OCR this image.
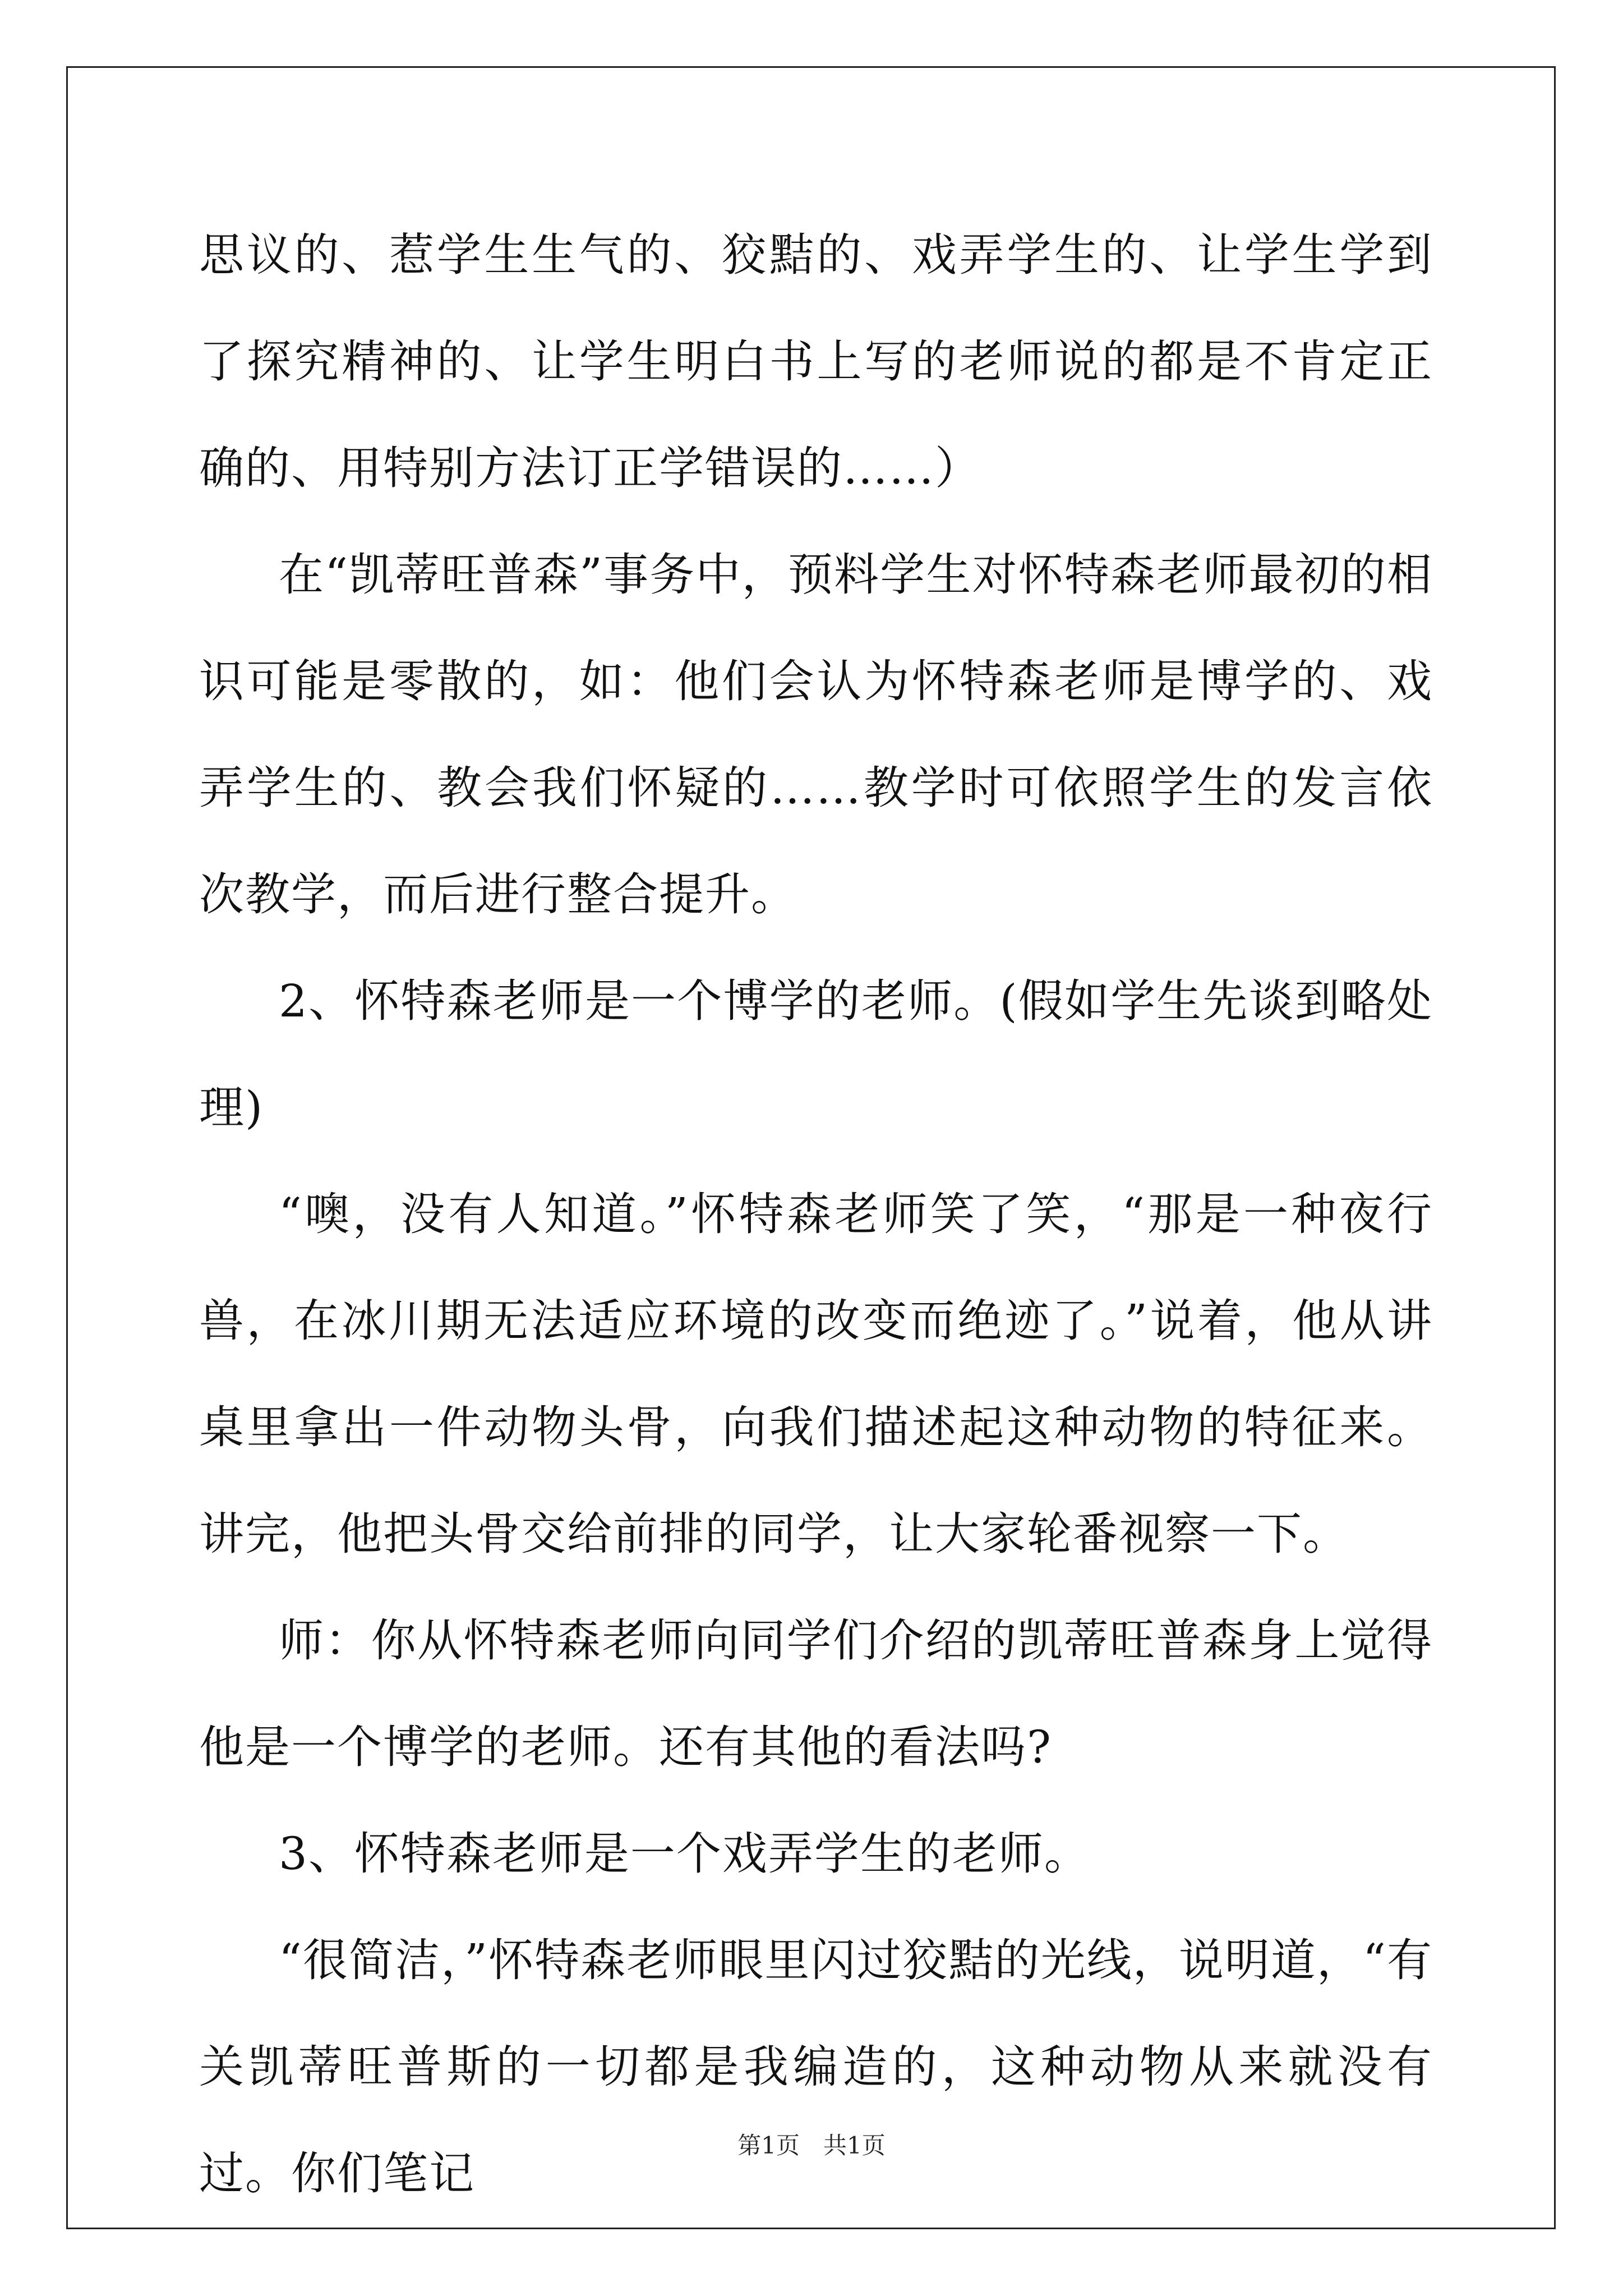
思议的、惹学生生气的、狡黠的、戏弄学生的、让学生学到了探究精神的、让学生明白书上写的老师说的都是不肯定正确的、用特别方法订正学错误的……）

在“凯蒂旺普森”事务中，预料学生对怀特森老师最初的相识可能是零散的，如：他们会认为怀特森老师是博学的、戏弄学生的、教会我们怀疑的……教学时可依照学生的发言依次教学，而后进行整合提升。

2、怀特森老师是一个博学的老师。(假如学生先谈到略处理)

“噢，没有人知道。”怀特森老师笑了笑，“那是一种夜行兽，在冰川期无法适应环境的改变而绝迹了。”说着，他从讲桌里拿出一件动物头骨，向我们描述起这种动物的特征来。讲完，他把头骨交给前排的同学，让大家轮番视察一下。

师：你从怀特森老师向同学们介绍的凯蒂旺普森身上觉得他是一个博学的老师。还有其他的看法吗?

3、怀特森老师是一个戏弄学生的老师。

“很简洁，”怀特森老师眼里闪过狡黠的光线，说明道，“有关凯蒂旺普斯的一切都是我编造的，这种动物从来就没有过。你们笔记

第1页　共1页
